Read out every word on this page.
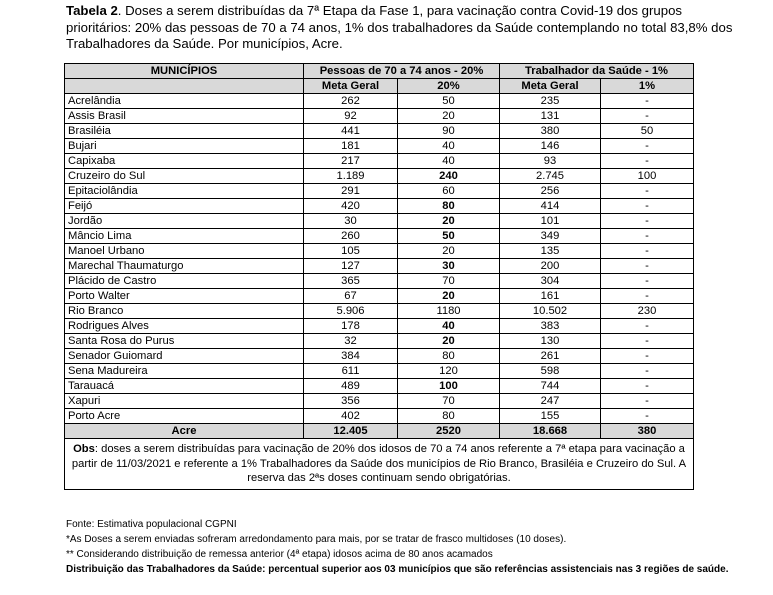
Tabela 2. Doses a serem distribuídas da 7ª Etapa da Fase 1, para vacinação contra Covid-19 dos grupos prioritários: 20% das pessoas de 70 a 74 anos, 1% dos trabalhadores da Saúde contemplando no total 83,8% dos Trabalhadores da Saúde. Por municípios, Acre.
MUNICÍPIOS	Pessoas de 70 a 74 anos - 20%		Trabalhador da Saúde - 1%	
	Meta Geral	20%	Meta Geral	1%
Acrelândia	262	50	235	-
Assis Brasil	92	20	131	-
Brasiléia	441	90	380	50
Bujari	181	40	146	-
Capixaba	217	40	93	-
Cruzeiro do Sul	1.189	240	2.745	100
Epitaciolândia	291	60	256	-
Feijó	420	80	414	-
Jordão	30	20	101	-
Mâncio Lima	260	50	349	-
Manoel Urbano	105	20	135	-
Marechal Thaumaturgo	127	30	200	-
Plácido de Castro	365	70	304	-
Porto Walter	67	20	161	-
Rio Branco	5.906	1180	10.502	230
Rodrigues Alves	178	40	383	-
Santa Rosa do Purus	32	20	130	-
Senador Guiomard	384	80	261	-
Sena Madureira	611	120	598	-
Tarauacá	489	100	744	-
Xapuri	356	70	247	-
Porto Acre	402	80	155	-
Acre	12.405	2520	18.668	380
Obs: doses a serem distribuídas para vacinação de 20% dos idosos de 70 a 74 anos referente a 7ª etapa para vacinação a partir de 11/03/2021 e referente a 1% Trabalhadores da Saúde dos municípios de Rio Branco, Brasiléia e Cruzeiro do Sul. A reserva das 2ªs doses continuam sendo obrigatórias.				
Fonte: Estimativa populacional CGPNI
*As Doses a serem enviadas sofreram arredondamento para mais, por se tratar de frasco multidoses (10 doses).
** Considerando distribuição de remessa anterior (4ª etapa) idosos acima de 80 anos acamados
Distribuição das Trabalhadores da Saúde: percentual superior aos 03 municípios que são referências assistenciais nas 3 regiões de saúde.
